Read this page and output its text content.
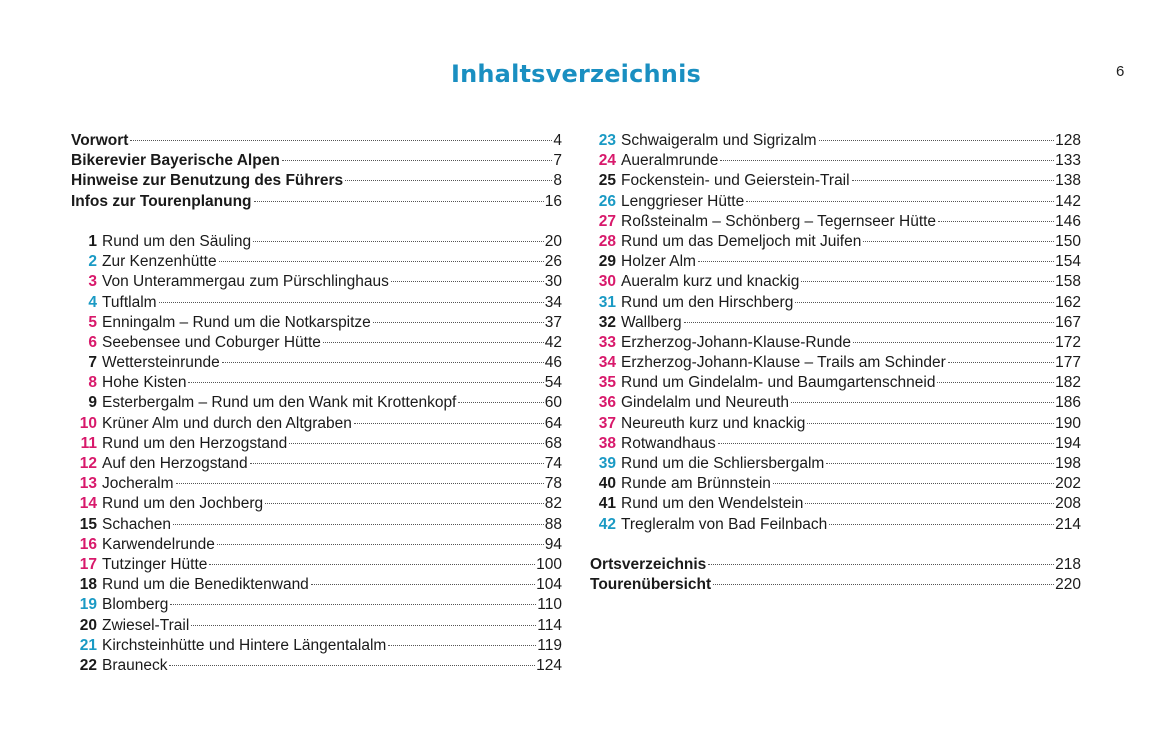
Inhaltsverzeichnis	6
Vorwort	4
Bikerevier Bayerische Alpen	7
Hinweise zur Benutzung des Führers	8
Infos zur Tourenplanung	16
1 Rund um den Säuling	20
2 Zur Kenzenhütte	26
3 Von Unterammergau zum Pürschlinghaus	30
4 Tuftlalm	34
5 Enningalm – Rund um die Notkarspitze	37
6 Seebensee und Coburger Hütte	42
7 Wettersteinrunde	46
8 Hohe Kisten	54
9 Esterbergalm – Rund um den Wank mit Krottenkopf	60
10 Krüner Alm und durch den Altgraben	64
11 Rund um den Herzogstand	68
12 Auf den Herzogstand	74
13 Jocheralm	78
14 Rund um den Jochberg	82
15 Schachen	88
16 Karwendelrunde	94
17 Tutzinger Hütte	100
18 Rund um die Benediktenwand	104
19 Blomberg	110
20 Zwiesel-Trail	114
21 Kirchsteinhütte und Hintere Längentalalm	119
22 Brauneck	124
23 Schwaigeralm und Sigrizalm	128
24 Aueralmrunde	133
25 Fockenstein- und Geierstein-Trail	138
26 Lenggrieser Hütte	142
27 Roßsteinalm – Schönberg – Tegernseer Hütte	146
28 Rund um das Demeljoch mit Juifen	150
29 Holzer Alm	154
30 Aueralm kurz und knackig	158
31 Rund um den Hirschberg	162
32 Wallberg	167
33 Erzherzog-Johann-Klause-Runde	172
34 Erzherzog-Johann-Klause – Trails am Schinder	177
35 Rund um Gindelalm- und Baumgartenschneid	182
36 Gindelalm und Neureuth	186
37 Neureuth kurz und knackig	190
38 Rotwandhaus	194
39 Rund um die Schliersbergalm	198
40 Runde am Brünnstein	202
41 Rund um den Wendelstein	208
42 Tregleralm von Bad Feilnbach	214
Ortsverzeichnis	218
Tourenübersicht	220
